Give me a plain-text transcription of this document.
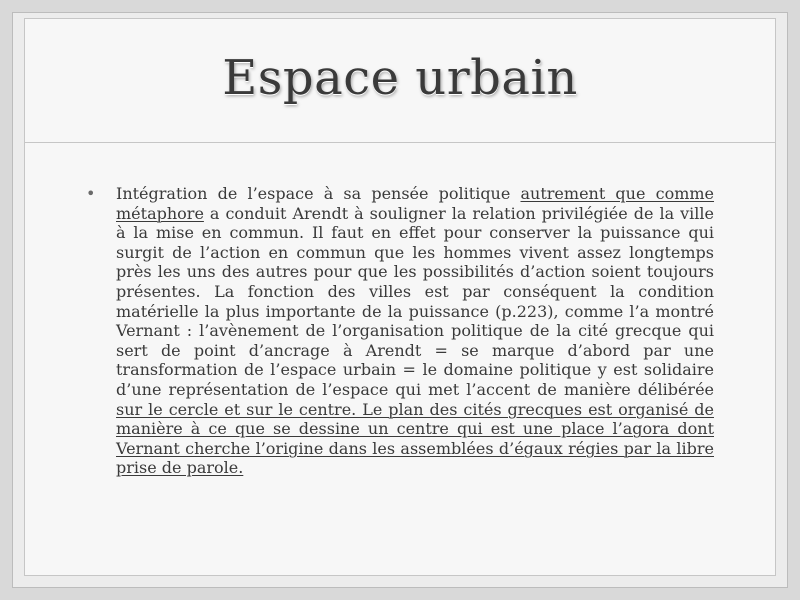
Espace urbain
• Intégration de l’espace à sa pensée politique autrement que comme métaphore a conduit Arendt à souligner la relation privilégiée de la ville à la mise en commun. Il faut en effet pour conserver la puissance qui surgit de l’action en commun que les hommes vivent assez longtemps près les uns des autres pour que les possibilités d’action soient toujours présentes. La fonction des villes est par conséquent la condition matérielle la plus importante de la puissance (p.223), comme l’a montré Vernant : l’avènement de l’organisation politique de la cité grecque qui sert de point d’ancrage à Arendt = se marque d’abord par une transformation de l’espace urbain = le domaine politique y est solidaire d’une représentation de l’espace qui met l’accent de manière délibérée sur le cercle et sur le centre. Le plan des cités grecques est organisé de manière à ce que se dessine un centre qui est une place l’agora dont Vernant cherche l’origine dans les assemblées d’égaux régies par la libre prise de parole.
